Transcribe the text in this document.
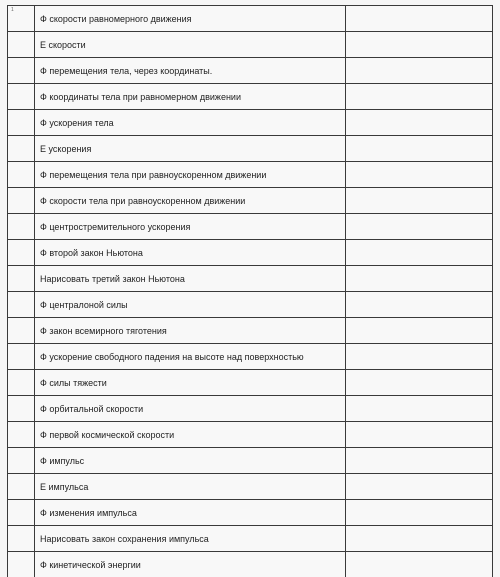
1	Ф скорости равномерного движения	

	Е скорости	

	Ф перемещения тела, через координаты.	

	Ф координаты тела при равномерном движении	

	Ф ускорения тела	

	Е ускорения	

	Ф перемещения тела при равноускоренном движении	

	Ф скорости тела при равноускоренном движении	

	Ф центростремительного ускорения	

	Ф второй закон Ньютона	

	Нарисовать третий закон Ньютона	

	Ф централоной силы	

	Ф закон всемирного тяготения	

	Ф ускорение свободного падения на высоте над поверхностью	

	Ф силы тяжести	

	Ф орбитальной скорости	

	Ф первой космической скорости	

	Ф импульс	

	Е импульса	

	Ф изменения импульса	

	Нарисовать закон сохранения импульса	

	Ф кинетической энергии	
